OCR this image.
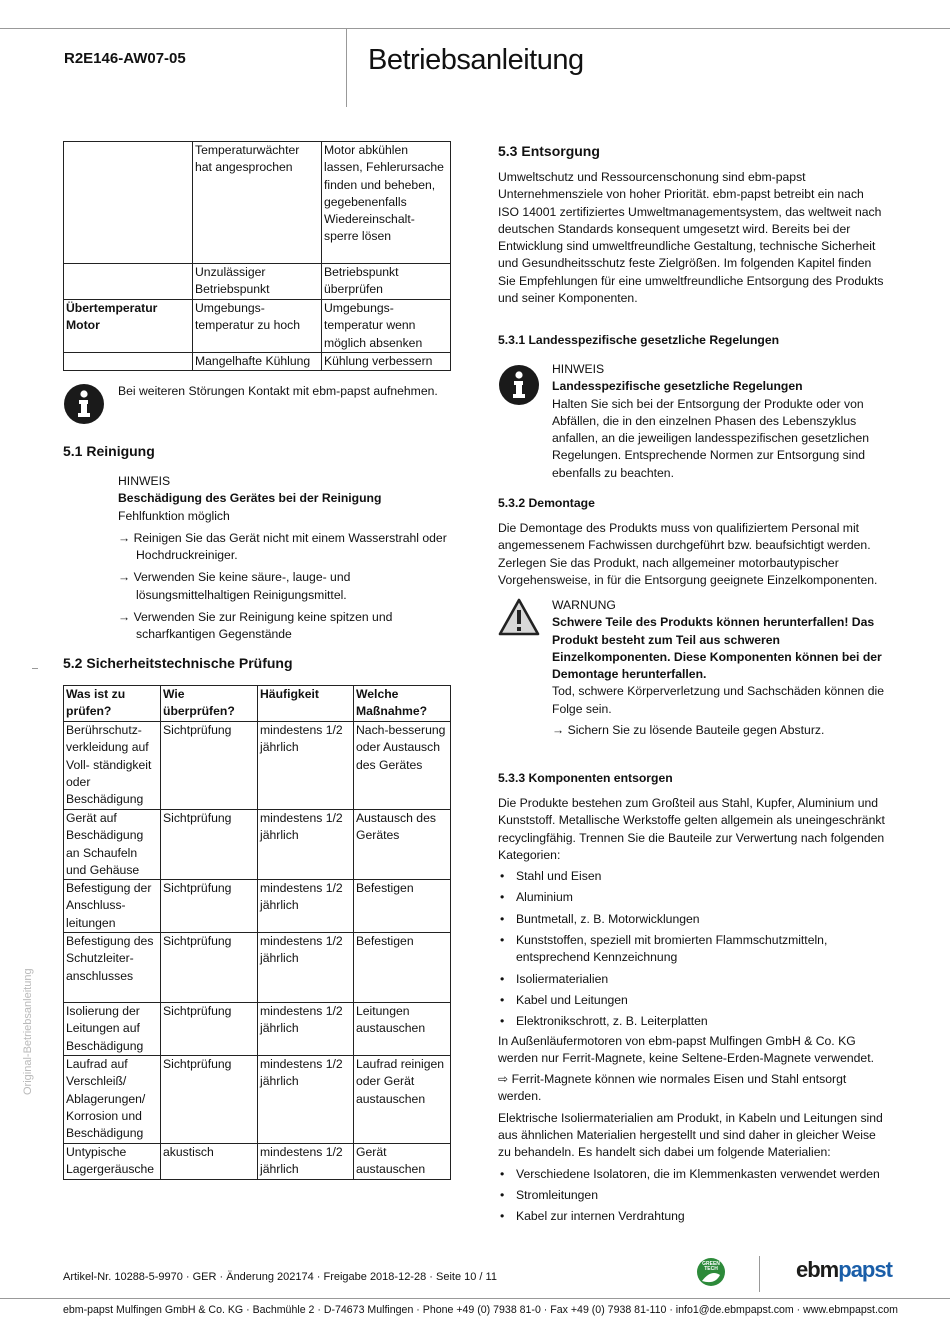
R2E146-AW07-05	Betriebsanleitung
Original-Betriebsanleitung
	Temperaturwächter hat angesprochen	Motor abkühlen lassen, Fehlerursache finden und beheben, gegebenenfalls Wiedereinschalt-sperre lösen
	Unzulässiger Betriebspunkt	Betriebspunkt überprüfen
Übertemperatur Motor	Umgebungs-temperatur zu hoch	Umgebungs-temperatur wenn möglich absenken
	Mangelhafte Kühlung	Kühlung verbessern
Bei weiteren Störungen Kontakt mit ebm-papst aufnehmen.
5.1 Reinigung
HINWEIS
Beschädigung des Gerätes bei der Reinigung
Fehlfunktion möglich
→ Reinigen Sie das Gerät nicht mit einem Wasserstrahl oder Hochdruckreiniger.
→ Verwenden Sie keine säure-, lauge- und lösungsmittelhaltigen Reinigungsmittel.
→ Verwenden Sie zur Reinigung keine spitzen und scharfkantigen Gegenstände
5.2 Sicherheitstechnische Prüfung
Was ist zu prüfen?	Wie überprüfen?	Häufigkeit	Welche Maßnahme?
Berührschutz-verkleidung auf Voll- ständigkeit oder Beschädigung	Sichtprüfung	mindestens 1/2 jährlich	Nach-besserung oder Austausch des Gerätes
Gerät auf Beschädigung an Schaufeln und Gehäuse	Sichtprüfung	mindestens 1/2 jährlich	Austausch des Gerätes
Befestigung der Anschluss-leitungen	Sichtprüfung	mindestens 1/2 jährlich	Befestigen
Befestigung des Schutzleiter-anschlusses	Sichtprüfung	mindestens 1/2 jährlich	Befestigen
Isolierung der Leitungen auf Beschädigung	Sichtprüfung	mindestens 1/2 jährlich	Leitungen austauschen
Laufrad auf Verschleiß/ Ablagerungen/ Korrosion und Beschädigung	Sichtprüfung	mindestens 1/2 jährlich	Laufrad reinigen oder Gerät austauschen
Untypische Lagergeräusche	akustisch	mindestens 1/2 jährlich	Gerät austauschen
5.3 Entsorgung
Umweltschutz und Ressourcenschonung sind ebm-papst Unternehmensziele von hoher Priorität. ebm-papst betreibt ein nach ISO 14001 zertifiziertes Umweltmanagementsystem, das weltweit nach deutschen Standards konsequent umgesetzt wird. Bereits bei der Entwicklung sind umweltfreundliche Gestaltung, technische Sicherheit und Gesundheitsschutz feste Zielgrößen. Im folgenden Kapitel finden Sie Empfehlungen für eine umweltfreundliche Entsorgung des Produkts und seiner Komponenten.
5.3.1 Landesspezifische gesetzliche Regelungen
HINWEIS
Landesspezifische gesetzliche Regelungen
Halten Sie sich bei der Entsorgung der Produkte oder von Abfällen, die in den einzelnen Phasen des Lebenszyklus anfallen, an die jeweiligen landesspezifischen gesetzlichen Regelungen. Entsprechende Normen zur Entsorgung sind ebenfalls zu beachten.
5.3.2 Demontage
Die Demontage des Produkts muss von qualifiziertem Personal mit angemessenem Fachwissen durchgeführt bzw. beaufsichtigt werden. Zerlegen Sie das Produkt, nach allgemeiner motorbautypischer Vorgehensweise, in für die Entsorgung geeignete Einzelkomponenten.
WARNUNG
Schwere Teile des Produkts können herunterfallen! Das Produkt besteht zum Teil aus schweren Einzelkomponenten. Diese Komponenten können bei der Demontage herunterfallen.
Tod, schwere Körperverletzung und Sachschäden können die Folge sein.
→ Sichern Sie zu lösende Bauteile gegen Absturz.
5.3.3 Komponenten entsorgen
Die Produkte bestehen zum Großteil aus Stahl, Kupfer, Aluminium und Kunststoff. Metallische Werkstoffe gelten allgemein als uneingeschränkt recyclingfähig. Trennen Sie die Bauteile zur Verwertung nach folgenden Kategorien:
• Stahl und Eisen
• Aluminium
• Buntmetall, z. B. Motorwicklungen
• Kunststoffen, speziell mit bromierten Flammschutzmitteln, entsprechend Kennzeichnung
• Isoliermaterialien
• Kabel und Leitungen
• Elektronikschrott, z. B. Leiterplatten
In Außenläufermotoren von ebm-papst Mulfingen GmbH & Co. KG werden nur Ferrit-Magnete, keine Seltene-Erden-Magnete verwendet.
⇨ Ferrit-Magnete können wie normales Eisen und Stahl entsorgt werden.
Elektrische Isoliermaterialien am Produkt, in Kabeln und Leitungen sind aus ähnlichen Materialien hergestellt und sind daher in gleicher Weise zu behandeln. Es handelt sich dabei um folgende Materialien:
• Verschiedene Isolatoren, die im Klemmenkasten verwendet werden
• Stromleitungen
• Kabel zur internen Verdrahtung
Artikel-Nr. 10288-5-9970 · GER · Änderung 202174 · Freigabe 2018-12-28 · Seite 10 / 11
GREEN TECH	ebmpapst
ebm-papst Mulfingen GmbH & Co. KG · Bachmühle 2 · D-74673 Mulfingen · Phone +49 (0) 7938 81-0 · Fax +49 (0) 7938 81-110 · info1@de.ebmpapst.com · www.ebmpapst.com
